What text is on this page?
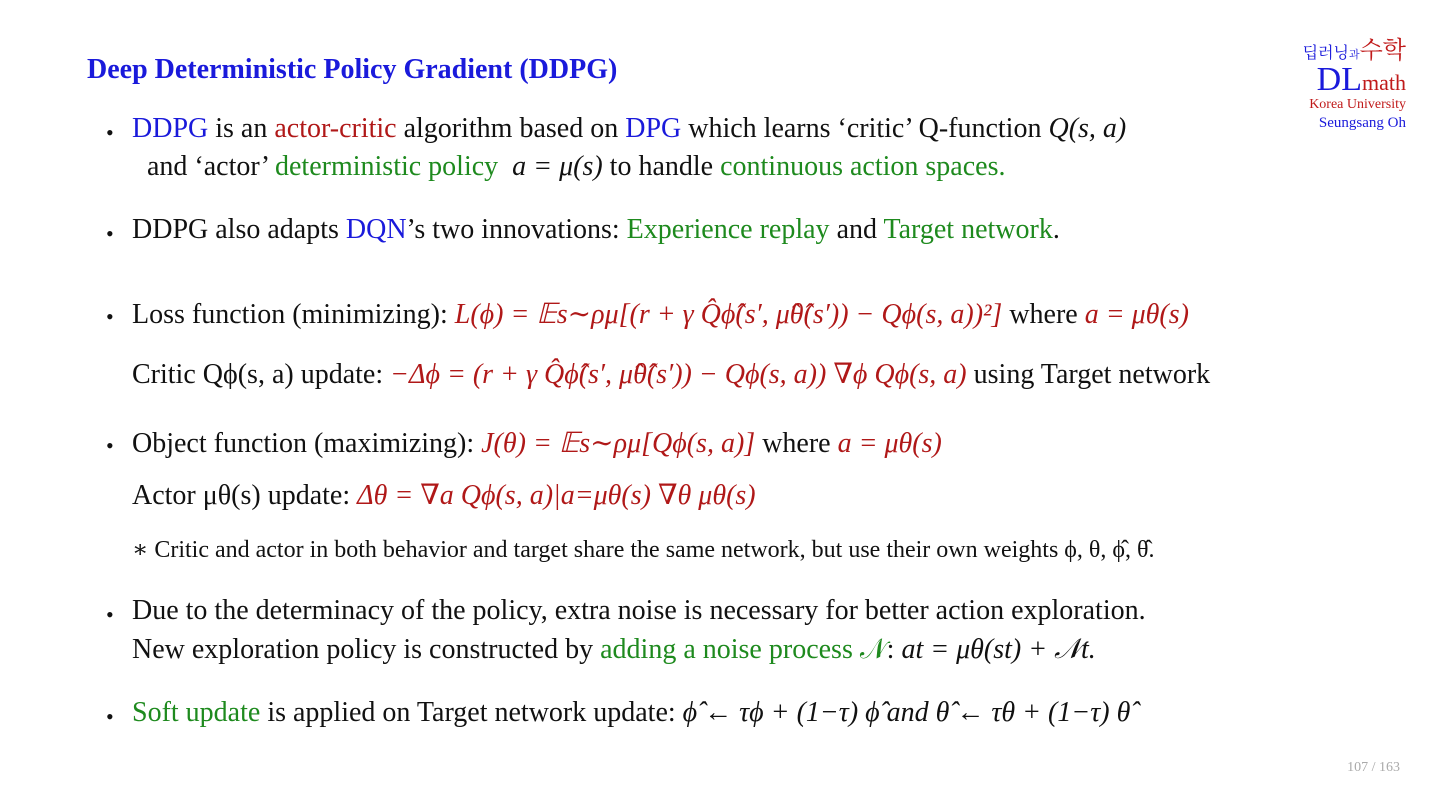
Deep Deterministic Policy Gradient (DDPG)
딥러닝과수학
DLmath
Korea University
Seungsang Oh
• DDPG is an actor-critic algorithm based on DPG which learns ‘critic’ Q-function Q(s, a)
and ‘actor’ deterministic policy a = μ(s) to handle continuous action spaces.
• DDPG also adapts DQN’s two innovations: Experience replay and Target network.
• Loss function (minimizing): L(ϕ) = 𝔼s∼ρμ[(r + γ Q̂ϕ̂(s′, μ̂θ̂(s′)) − Qϕ(s, a))²] where a = μθ(s)
Critic Qϕ(s, a) update: −Δϕ = (r + γ Q̂ϕ̂(s′, μ̂θ̂(s′)) − Qϕ(s, a)) ∇ϕ Qϕ(s, a) using Target network
• Object function (maximizing): J(θ) = 𝔼s∼ρμ[Qϕ(s, a)] where a = μθ(s)
Actor μθ(s) update: Δθ = ∇a Qϕ(s, a)|a=μθ(s) ∇θ μθ(s)
∗ Critic and actor in both behavior and target share the same network, but use their own weights ϕ, θ, ϕ̂, θ̂.
• Due to the determinacy of the policy, extra noise is necessary for better action exploration.
New exploration policy is constructed by adding a noise process 𝒩: at = μθ(st) + 𝒩t.
• Soft update is applied on Target network update: ϕ̂ ← τϕ + (1−τ) ϕ̂ and θ̂ ← τθ + (1−τ) θ̂
107 / 163
